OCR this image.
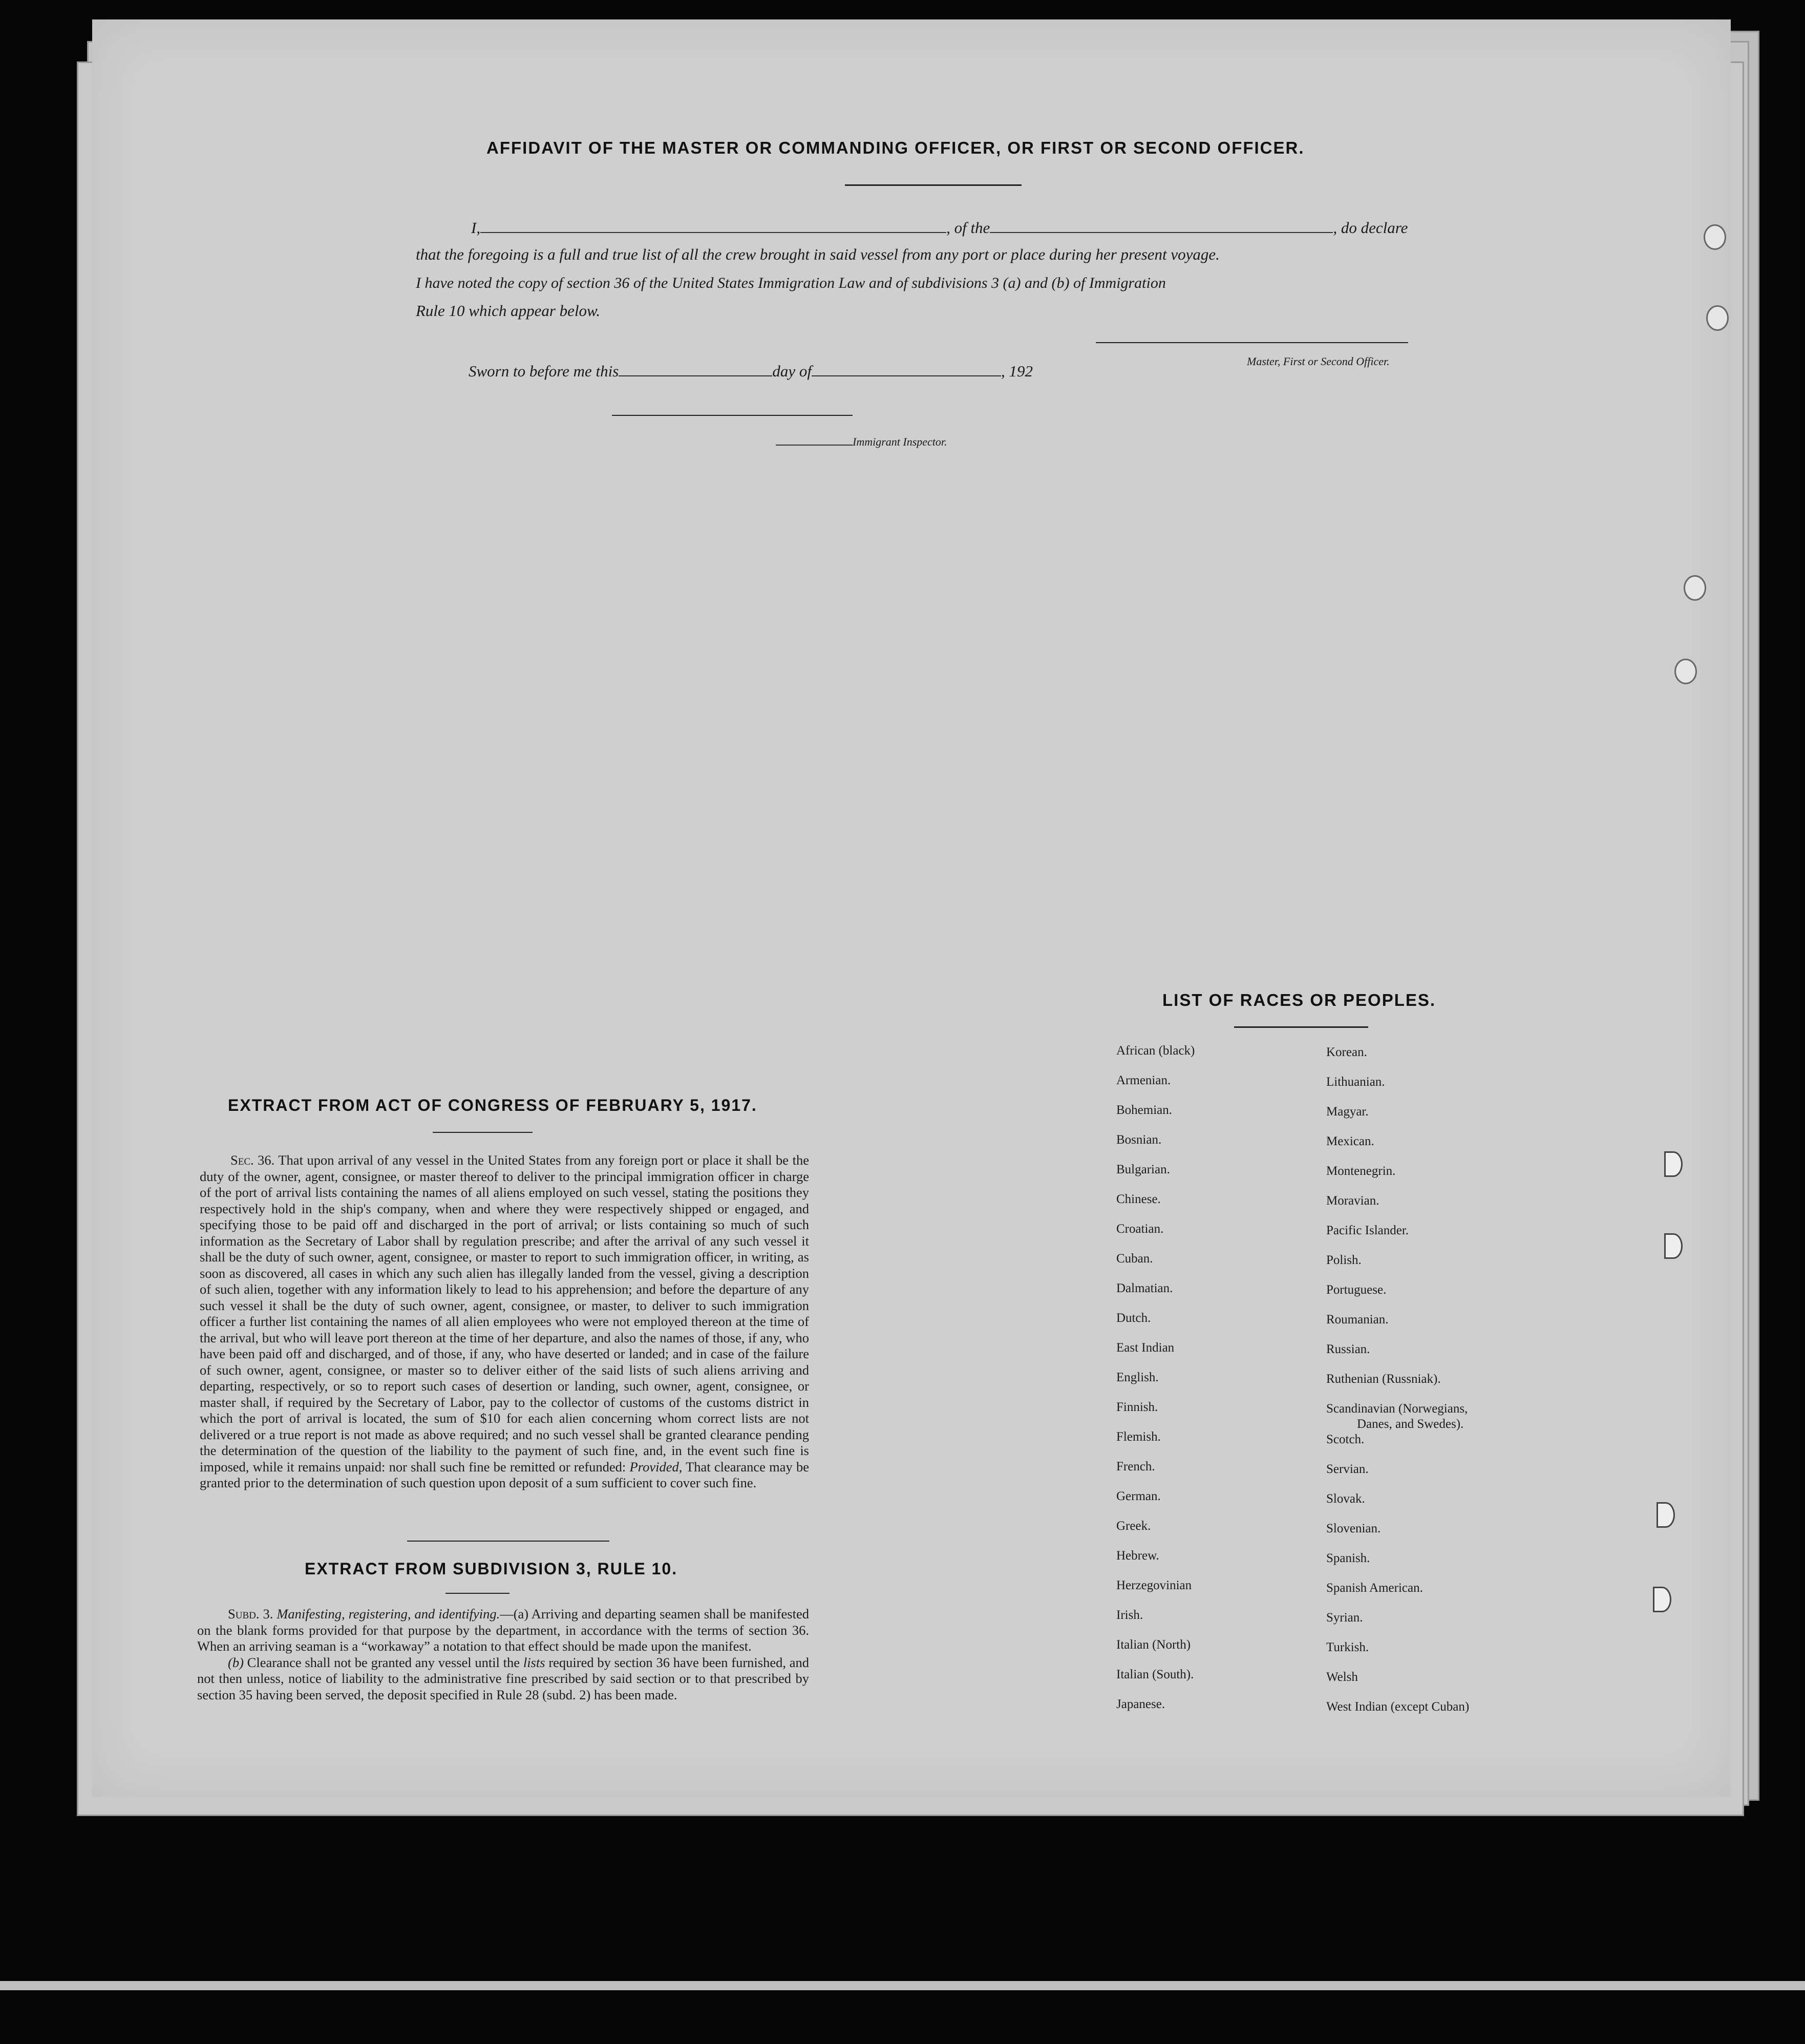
AFFIDAVIT OF THE MASTER OR COMMANDING OFFICER, OR FIRST OR SECOND OFFICER.
I,	, of the	, do declare
that the foregoing is a full and true list of all the crew brought in said vessel from any port or place during her present voyage.
I have noted the copy of section 36 of the United States Immigration Law and of subdivisions 3 (a) and (b) of Immigration
Rule 10 which appear below.
Master, First or Second Officer.
Sworn to before me this	day of	, 192
Immigrant Inspector.
LIST OF RACES OR PEOPLES.
African (black)
Armenian.
Bohemian.
Bosnian.
Bulgarian.
Chinese.
Croatian.
Cuban.
Dalmatian.
Dutch.
East Indian
English.
Finnish.
Flemish.
French.
German.
Greek.
Hebrew.
Herzegovinian
Irish.
Italian (North)
Italian (South).
Japanese.
Korean.
Lithuanian.
Magyar.
Mexican.
Montenegrin.
Moravian.
Pacific Islander.
Polish.
Portuguese.
Roumanian.
Russian.
Ruthenian (Russniak).
Scandinavian (Norwegians,
Danes, and Swedes).
Scotch.
Servian.
Slovak.
Slovenian.
Spanish.
Spanish American.
Syrian.
Turkish.
Welsh
West Indian (except Cuban)
EXTRACT FROM ACT OF CONGRESS OF FEBRUARY 5, 1917.

Sec. 36. That upon arrival of any vessel in the United States from any foreign port or place it shall be the duty of the owner, agent, consignee, or master thereof to deliver to the principal immigration officer in charge of the port of arrival lists containing the names of all aliens employed on such vessel, stating the positions they respectively hold in the ship's company, when and where they were respectively shipped or engaged, and specifying those to be paid off and discharged in the port of arrival; or lists containing so much of such information as the Secretary of Labor shall by regulation prescribe; and after the arrival of any such vessel it shall be the duty of such owner, agent, consignee, or master to report to such immigration officer, in writing, as soon as discovered, all cases in which any such alien has illegally landed from the vessel, giving a description of such alien, together with any information likely to lead to his apprehension; and before the departure of any such vessel it shall be the duty of such owner, agent, consignee, or master, to deliver to such immigration officer a further list containing the names of all alien employees who were not employed thereon at the time of the arrival, but who will leave port thereon at the time of her departure, and also the names of those, if any, who have been paid off and discharged, and of those, if any, who have deserted or landed; and in case of the failure of such owner, agent, consignee, or master so to deliver either of the said lists of such aliens arriving and departing, respectively, or so to report such cases of desertion or landing, such owner, agent, consignee, or master shall, if required by the Secretary of Labor, pay to the collector of customs of the customs district in which the port of arrival is located, the sum of $10 for each alien concerning whom correct lists are not delivered or a true report is not made as above required; and no such vessel shall be granted clearance pending the determination of the question of the liability to the payment of such fine, and, in the event such fine is imposed, while it remains unpaid: nor shall such fine be remitted or refunded: Provided, That clearance may be granted prior to the determination of such question upon deposit of a sum sufficient to cover such fine.

EXTRACT FROM SUBDIVISION 3, RULE 10.

Subd. 3. Manifesting, registering, and identifying.—(a) Arriving and departing seamen shall be manifested on the blank forms provided for that purpose by the department, in accordance with the terms of section 36. When an arriving seaman is a “workaway” a notation to that effect should be made upon the manifest.

(b) Clearance shall not be granted any vessel until the lists required by section 36 have been furnished, and not then unless, notice of liability to the administrative fine prescribed by said section or to that prescribed by section 35 having been served, the deposit specified in Rule 28 (subd. 2) has been made.
